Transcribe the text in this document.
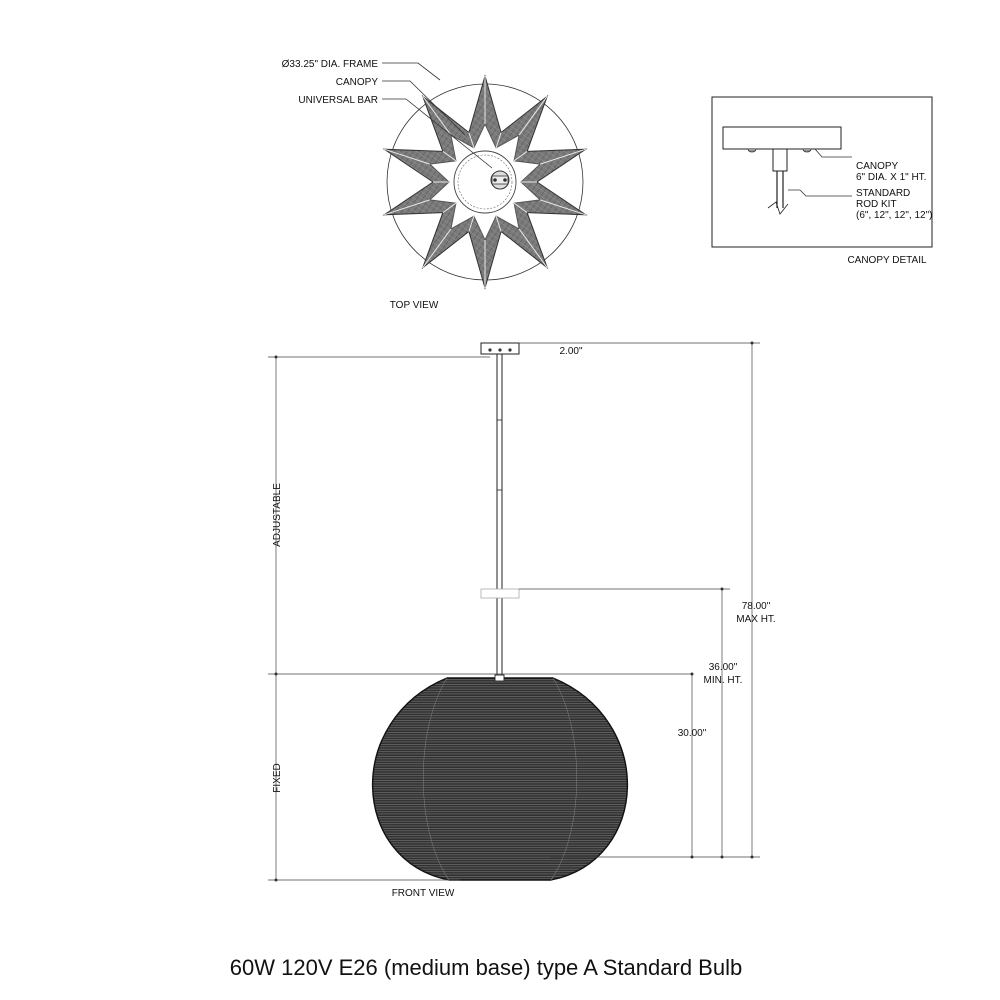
Ø33.25" DIA. FRAME
CANOPY
UNIVERSAL BAR
TOP VIEW
CANOPY
6" DIA. X 1" HT.
STANDARD
ROD KIT
(6", 12", 12", 12")
CANOPY DETAIL
ADJUSTABLE
FIXED
2.00"
78.00"
MAX HT.
36.00"
MIN. HT.
30.00"
FRONT VIEW
60W 120V E26 (medium base) type A Standard Bulb
